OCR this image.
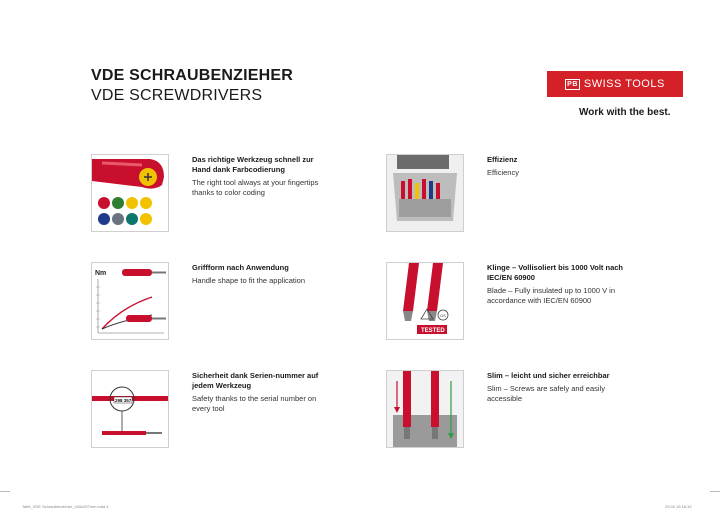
VDE SCHRAUBENZIEHER
VDE SCREWDRIVERS
PB SWISS TOOLS
Work with the best.
Das richtige Werkzeug schnell zur Hand dank Farbcodierung
The right tool always at your fingertips thanks to color coding
Effizienz
Efficiency
Nm
Griffform nach Anwendung
Handle shape to fit the application
GS
TESTED
Klinge – Vollisoliert bis 1000 Volt nach IEC/EN 60900
Blade – Fully insulated up to 1000 V in accordance with IEC/EN 60900
298 357
Sicherheit dank Serien-nummer auf jedem Werkzeug
Safety thanks to the serial number on every tool
Slim – leicht und sicher erreichbar
Slim – Screws are safely and easily accessible
Tafel_VDE Schraubenzieher_420x297mm.indd 4	29.02.16 16:32
